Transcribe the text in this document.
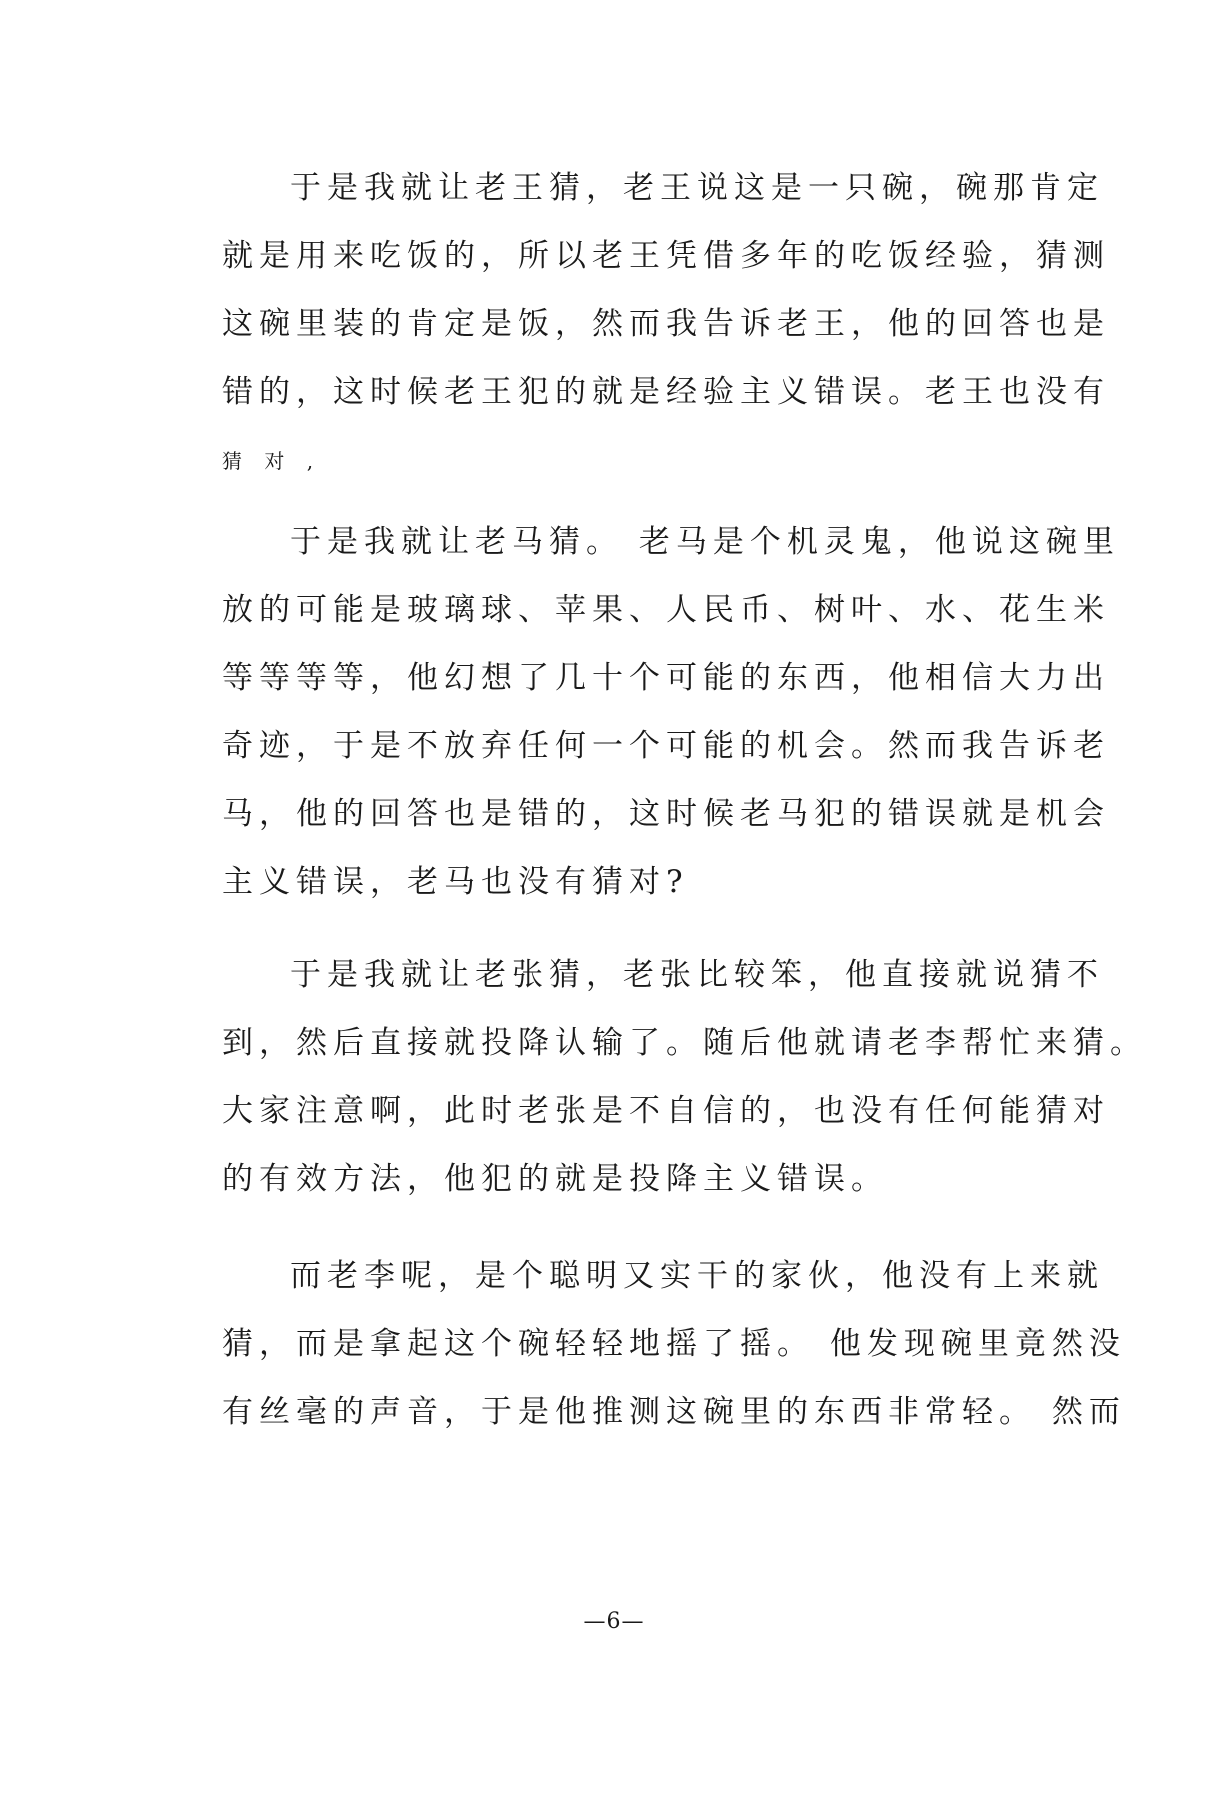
于是我就让老王猜，老王说这是一只碗，碗那肯定
就是用来吃饭的，所以老王凭借多年的吃饭经验，猜测
这碗里装的肯定是饭，然而我告诉老王，他的回答也是
错的，这时候老王犯的就是经验主义错误。老王也没有
猜 对 ,
于是我就让老马猜。 老马是个机灵鬼，他说这碗里
放的可能是玻璃球、苹果、人民币、树叶、水、花生米
等等等等，他幻想了几十个可能的东西，他相信大力出
奇迹，于是不放弃任何一个可能的机会。然而我告诉老
马，他的回答也是错的，这时候老马犯的错误就是机会
主义错误，老马也没有猜对?
于是我就让老张猜，老张比较笨，他直接就说猜不
到，然后直接就投降认输了。随后他就请老李帮忙来猜。
大家注意啊，此时老张是不自信的，也没有任何能猜对
的有效方法，他犯的就是投降主义错误。
而老李呢，是个聪明又实干的家伙，他没有上来就
猜，而是拿起这个碗轻轻地摇了摇。 他发现碗里竟然没
有丝毫的声音，于是他推测这碗里的东西非常轻。 然而
—6—
